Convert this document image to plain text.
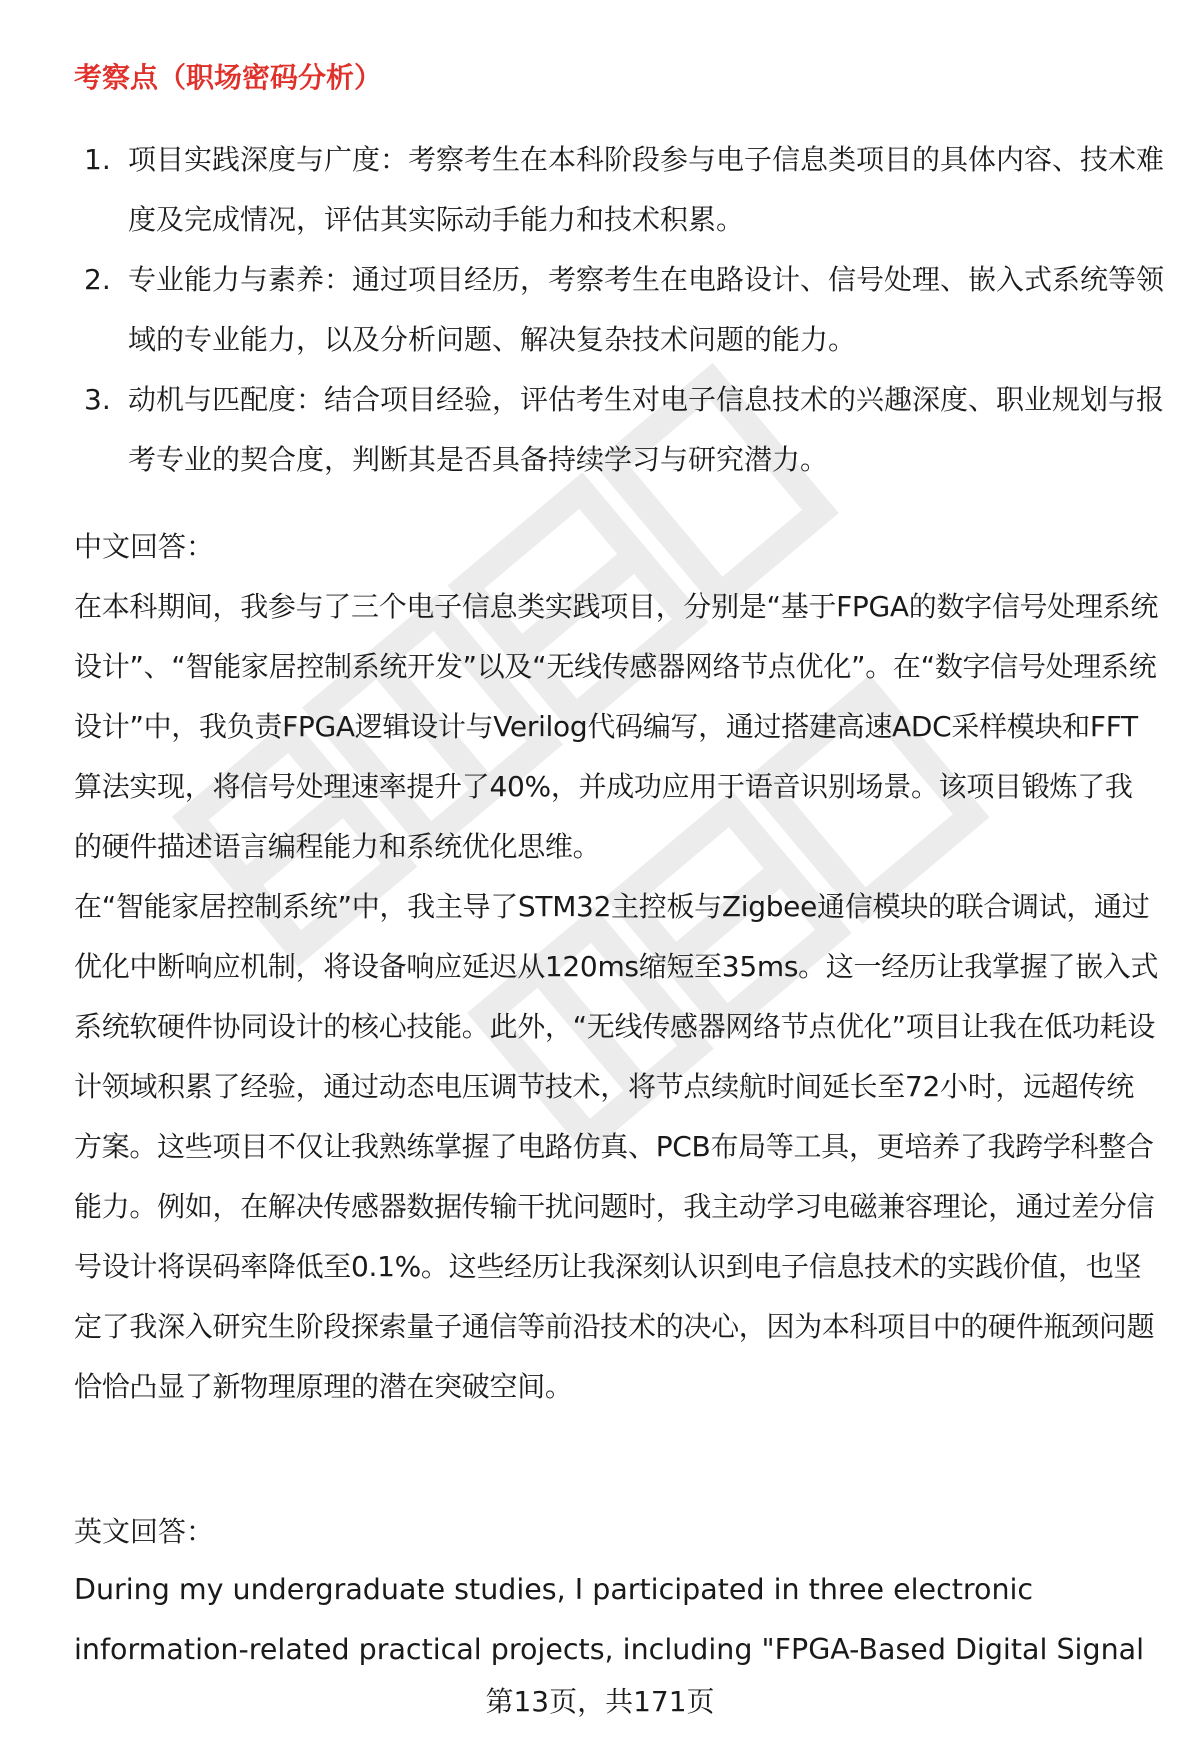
考察点（职场密码分析）
1. 项目实践深度与广度：考察考生在本科阶段参与电子信息类项目的具体内容、技术难度及完成情况，评估其实际动手能力和技术积累。
2. 专业能力与素养：通过项目经历，考察考生在电路设计、信号处理、嵌入式系统等领域的专业能力，以及分析问题、解决复杂技术问题的能力。
3. 动机与匹配度：结合项目经验，评估考生对电子信息技术的兴趣深度、职业规划与报考专业的契合度，判断其是否具备持续学习与研究潜力。

中文回答：

在本科期间，我参与了三个电子信息类实践项目，分别是“基于FPGA的数字信号处理系统设计”、“智能家居控制系统开发”以及“无线传感器网络节点优化”。在“数字信号处理系统设计”中，我负责FPGA逻辑设计与Verilog代码编写，通过搭建高速ADC采样模块和FFT算法实现，将信号处理速率提升了40%，并成功应用于语音识别场景。该项目锻炼了我的硬件描述语言编程能力和系统优化思维。

在“智能家居控制系统”中，我主导了STM32主控板与Zigbee通信模块的联合调试，通过优化中断响应机制，将设备响应延迟从120ms缩短至35ms。这一经历让我掌握了嵌入式系统软硬件协同设计的核心技能。此外，“无线传感器网络节点优化”项目让我在低功耗设计领域积累了经验，通过动态电压调节技术，将节点续航时间延长至72小时，远超传统方案。这些项目不仅让我熟练掌握了电路仿真、PCB布局等工具，更培养了我跨学科整合能力。例如，在解决传感器数据传输干扰问题时，我主动学习电磁兼容理论，通过差分信号设计将误码率降低至0.1%。这些经历让我深刻认识到电子信息技术的实践价值，也坚定了我深入研究生阶段探索量子通信等前沿技术的决心，因为本科项目中的硬件瓶颈问题恰恰凸显了新物理原理的潜在突破空间。

英文回答：

During my undergraduate studies, I participated in three electronic information-related practical projects, including "FPGA-Based Digital Signal

第13页，共171页
